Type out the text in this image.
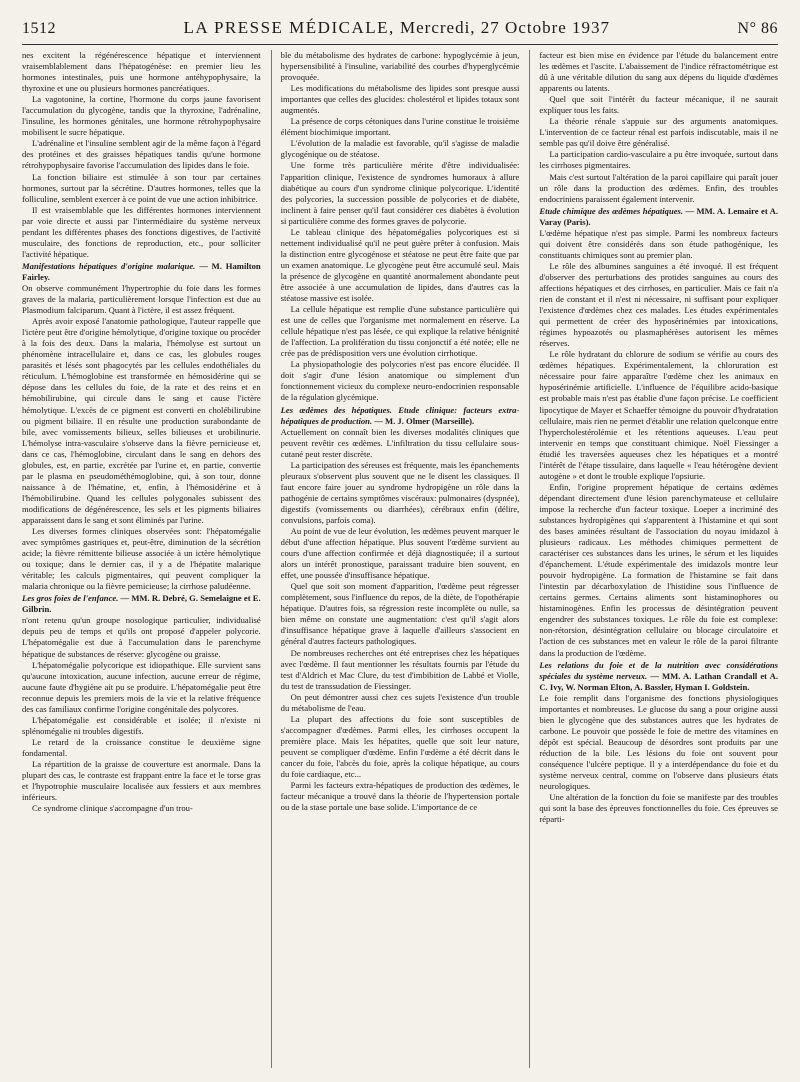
1512	LA PRESSE MÉDICALE, Mercredi, 27 Octobre 1937	N° 86

nes excitent la régénérescence hépatique et interviennent vraisemblablement dans l'hépatogénèse: en premier lieu les hormones intestinales, puis une hormone antéhypophysaire, la thyroxine et une ou plusieurs hormones pancréatiques.

La vagotonine, la cortine, l'hormone du corps jaune favorisent l'accumulation du glycogène, tandis que la thyroxine, l'adrénaline, l'insuline, les hormones génitales, une hormone rétrohypophysaire mobilisent le sucre hépatique.

L'adrénaline et l'insuline semblent agir de la même façon à l'égard des protéines et des graisses hépatiques tandis qu'une hormone rétrohypophysaire favorise l'accumulation des lipides dans le foie.

La fonction biliaire est stimulée à son tour par certaines hormones, surtout par la sécrétine. D'autres hormones, telles que la folliculine, semblent exercer à ce point de vue une action inhibitrice.

Il est vraisemblable que les différentes hormones interviennent par voie directe et aussi par l'intermédiaire du système nerveux pendant les différentes phases des fonctions digestives, de l'activité musculaire, des fonctions de reproduction, etc., pour solliciter l'activité hépatique.

Manifestations hépatiques d'origine malarique. — M. Hamilton Fairley.

On observe communément l'hypertrophie du foie dans les formes graves de la malaria, particulièrement lorsque l'infection est due au Plasmodium falciparum. Quant à l'ictère, il est assez fréquent.

Après avoir exposé l'anatomie pathologique, l'auteur rappelle que l'ictère peut être d'origine hémolytique, d'origine toxique ou procéder à la fois des deux. Dans la malaria, l'hémolyse est surtout un phénomène intracellulaire et, dans ce cas, les globules rouges parasités et lésés sont phagocytés par les cellules endothéliales du réticulum. L'hémoglobine est transformée en hémosidérine qui se dépose dans les cellules du foie, de la rate et des reins et en hémobilirubine, qui circule dans le sang et cause l'ictère hémolytique. L'excès de ce pigment est converti en cholébilirubine ou pigment biliaire. Il en résulte une production surabondante de bile, avec vomissements bilieux, selles bilieuses et urobilinurie. L'hémolyse intra-vasculaire s'observe dans la fièvre pernicieuse et, dans ce cas, l'hémoglobine, circulant dans le sang en dehors des globules, est, en partie, excrétée par l'urine et, en partie, convertie par le plasma en pseudométhémoglobine, qui, à son tour, donne naissance à de l'hématine, et, enfin, à l'hémosidérine et à l'hémobilirubine. Quand les cellules polygonales subissent des modifications de dégénérescence, les sels et les pigments biliaires apparaissent dans le sang et sont éliminés par l'urine.

Les diverses formes cliniques observées sont: l'hépatomégalie avec symptômes gastriques et, peut-être, diminution de la sécrétion acide; la fièvre rémittente bilieuse associée à un ictère hémolytique ou toxique; dans le dernier cas, il y a de l'hépatite malarique véritable; les calculs pigmentaires, qui peuvent compliquer la malaria chronique ou la fièvre pernicieuse; la cirrhose paludéenne.

Les gros foies de l'enfance. — MM. R. Debré, G. Semelaigne et E. Gilbrin.

n'ont retenu qu'un groupe nosologique particulier, individualisé depuis peu de temps et qu'ils ont proposé d'appeler polycorie. L'hépatomégalie est due à l'accumulation dans le parenchyme hépatique de substances de réserve: glycogène ou graisse.

L'hépatomégalie polycorique est idiopathique. Elle survient sans qu'aucune intoxication, aucune infection, aucune erreur de régime, aucune faute d'hygiène ait pu se produire. L'hépatomégalie peut être reconnue depuis les premiers mois de la vie et la relative fréquence des cas familiaux confirme l'origine congénitale des polycores.

L'hépatomégalie est considérable et isolée; il n'existe ni splénomégalie ni troubles digestifs.

Le retard de la croissance constitue le deuxième signe fondamental.

La répartition de la graisse de couverture est anormale. Dans la plupart des cas, le contraste est frappant entre la face et le torse gras et l'hypotrophie musculaire localisée aux fessiers et aux membres inférieurs.

Ce syndrome clinique s'accompagne d'un trou-

ble du métabolisme des hydrates de carbone: hypoglycémie à jeun, hypersensibilité à l'insuline, variabilité des courbes d'hyperglycémie provoquée.

Les modifications du métabolisme des lipides sont presque aussi importantes que celles des glucides: cholestérol et lipides totaux sont augmentés.

La présence de corps cétoniques dans l'urine constitue le troisième élément biochimique important.

L'évolution de la maladie est favorable, qu'il s'agisse de maladie glycogénique ou de stéatose.

Une forme très particulière mérite d'être individualisée: l'apparition clinique, l'existence de syndromes humoraux à allure diabétique au cours d'un syndrome clinique polycorique. L'identité des polycories, la succession possible de polycories et de diabète, inclinent à faire penser qu'il faut considérer ces diabètes à évolution si particulière comme des formes graves de polycorie.

Le tableau clinique des hépatomégalies polycoriques est si nettement individualisé qu'il ne peut guère prêter à confusion. Mais la distinction entre glycogénose et stéatose ne peut être faite que par un examen anatomique. Le glycogène peut être accumulé seul. Mais la présence de glycogène en quantité anormalement abondante peut être associée à une accumulation de lipides, dans d'autres cas la stéatose massive est isolée.

La cellule hépatique est remplie d'une substance particulière qui est une de celles que l'organisme met normalement en réserve. La cellule hépatique n'est pas lésée, ce qui explique la relative bénignité de l'affection. La prolifération du tissu conjonctif a été notée; elle ne crée pas de prédisposition vers une évolution cirrhotique.

La physiopathologie des polycories n'est pas encore élucidée. Il doit s'agir d'une lésion anatomique ou simplement d'un fonctionnement vicieux du complexe neuro-endocrinien responsable de la régulation glycémique.

Les œdèmes des hépatiques. Etude clinique: facteurs extra-hépatiques de production. — M. J. Olmer (Marseille).

Actuellement on connaît bien les diverses modalités cliniques que peuvent revêtir ces œdèmes. L'infiltration du tissu cellulaire sous-cutané peut rester discrète.

La participation des séreuses est fréquente, mais les épanchements pleuraux s'observent plus souvent que ne le disent les classiques. Il faut encore faire jouer au syndrome hydropigène un rôle dans la pathogénie de certains symptômes viscéraux: pulmonaires (dyspnée), digestifs (vomissements ou diarrhées), cérébraux enfin (délire, convulsions, parfois coma).

Au point de vue de leur évolution, les œdèmes peuvent marquer le début d'une affection hépatique. Plus souvent l'œdème survient au cours d'une affection confirmée et déjà diagnostiquée; il a surtout alors un intérêt pronostique, paraissant traduire bien souvent, en effet, une poussée d'insuffisance hépatique.

Quel que soit son moment d'apparition, l'œdème peut régresser complètement, sous l'influence du repos, de la diète, de l'opothérapie hépatique. D'autres fois, sa régression reste incomplète ou nulle, sa bien même on constate une augmentation: c'est qu'il s'agit alors d'insuffisance hépatique grave à laquelle d'ailleurs s'associent en général d'autres facteurs pathologiques.

De nombreuses recherches ont été entreprises chez les hépatiques avec l'œdème. Il faut mentionner les résultats fournis par l'étude du test d'Aldrich et Mac Clure, du test d'imbibition de Labbé et Violle, du test de transsudation de Fiessinger.

On peut démontrer aussi chez ces sujets l'existence d'un trouble du métabolisme de l'eau.

La plupart des affections du foie sont susceptibles de s'accompagner d'œdèmes. Parmi elles, les cirrhoses occupent la première place. Mais les hépatites, quelle que soit leur nature, peuvent se compliquer d'œdème. Enfin l'œdème a été décrit dans le cancer du foie, l'abcès du foie, après la colique hépatique, au cours du foie cardiaque, etc...

Parmi les facteurs extra-hépatiques de production des œdèmes, le facteur mécanique a trouvé dans la théorie de l'hypertension portale ou de la stase portale une base solide. L'importance de ce

facteur est bien mise en évidence par l'étude du balancement entre les œdèmes et l'ascite. L'abaissement de l'indice réfractométrique est dû à une véritable dilution du sang aux dépens du liquide d'œdèmes apparents ou latents.

Quel que soit l'intérêt du facteur mécanique, il ne saurait expliquer tous les faits.

La théorie rénale s'appuie sur des arguments anatomiques. L'intervention de ce facteur rénal est parfois indiscutable, mais il ne semble pas qu'il doive être généralisé.

La participation cardio-vasculaire a pu être invoquée, surtout dans les cirrhoses pigmentaires.

Mais c'est surtout l'altération de la paroi capillaire qui paraît jouer un rôle dans la production des œdèmes. Enfin, des troubles endocriniens paraissent également intervenir.

Etude chimique des œdèmes hépatiques. — MM. A. Lemaire et A. Varay (Paris).

L'œdème hépatique n'est pas simple. Parmi les nombreux facteurs qui doivent être considérés dans son étude pathogénique, les constituants chimiques sont au premier plan.

Le rôle des albumines sanguines a été invoqué. Il est fréquent d'observer des perturbations des protides sanguines au cours des affections hépatiques et des cirrhoses, en particulier. Mais ce fait n'a rien de constant et il n'est ni nécessaire, ni suffisant pour expliquer l'existence d'œdèmes chez ces malades. Les études expérimentales qui permettent de créer des hyposérinémies par intoxications, régimes hypoazotés ou plasmaphérèses autorisent les mêmes réserves.

Le rôle hydratant du chlorure de sodium se vérifie au cours des œdèmes hépatiques. Expérimentalement, la chloruration est nécessaire pour faire apparaître l'œdème chez les animaux en hyposérinémie artificielle. L'influence de l'équilibre acido-basique est probable mais n'est pas établie d'une façon précise. Le coefficient lipocytique de Mayer et Schaeffer témoigne du pouvoir d'hydratation cellulaire, mais rien ne permet d'établir une relation quelconque entre l'hypercholestérolémie et les rétentions aqueuses. L'eau peut intervenir en temps que constituant chimique. Noël Fiessinger a étudié les traversées aqueuses chez les hépatiques et a montré l'intérêt de l'étape tissulaire, dans laquelle « l'eau hétérogène devient autogène » et dont le trouble explique l'opsiurie.

Enfin, l'origine proprement hépatique de certains œdèmes dépendant directement d'une lésion parenchymateuse et cellulaire impose la recherche d'un facteur toxique. Loeper a incriminé des substances hydropigènes qui s'apparentent à l'histamine et qui sont des bases aminées résultant de l'association du noyau imidazol à plusieurs radicaux. Les méthodes chimiques permettent de caractériser ces substances dans les urines, le sérum et les liquides d'épanchement. L'étude expérimentale des imidazols montre leur pouvoir hydropigène. La formation de l'histamine se fait dans l'intestin par décarboxylation de l'histidine sous l'influence de certains germes. Certains aliments sont histaminophores ou histaminogènes. Enfin les processus de désintégration peuvent engendrer des substances toxiques. Le rôle du foie est complexe: non-rétorsion, désintégration cellulaire ou blocage circulatoire et l'action de ces substances met en valeur le rôle de la paroi filtrante dans la production de l'œdème.

Les relations du foie et de la nutrition avec considérations spéciales du système nerveux. — MM. A. Lathan Crandall et A. C. Ivy, W. Norman Elton, A. Bassler, Hyman I. Goldstein.

Le foie remplit dans l'organisme des fonctions physiologiques importantes et nombreuses. Le glucose du sang a pour origine aussi bien le glycogène que des substances autres que les hydrates de carbone. Le pouvoir que possède le foie de mettre des vitamines en dépôt est spécial. Beaucoup de désordres sont produits par une réduction de la bile. Les lésions du foie ont souvent pour conséquence l'ulcère peptique. Il y a interdépendance du foie et du système nerveux central, comme on l'observe dans plusieurs états neurologiques.

Une altération de la fonction du foie se manifeste par des troubles qui sont la base des épreuves fonctionnelles du foie. Ces épreuves se réparti-
